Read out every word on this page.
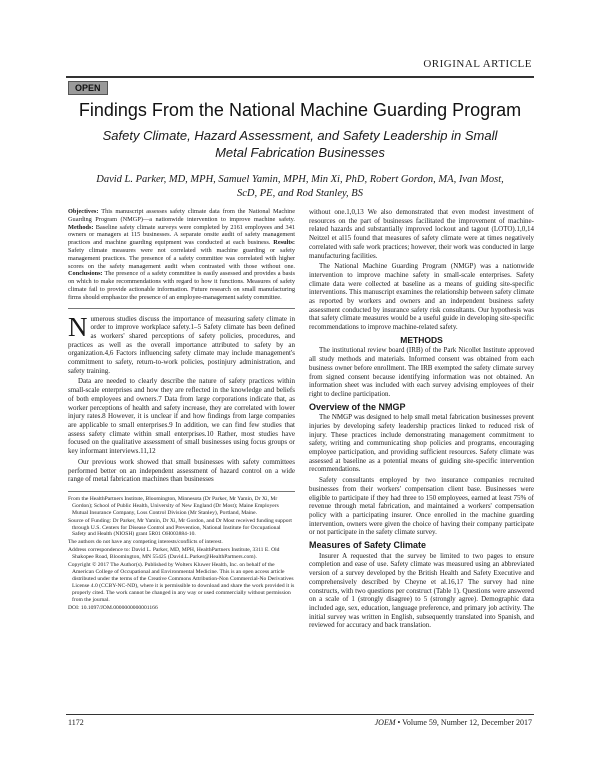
ORIGINAL ARTICLE
OPEN
Findings From the National Machine Guarding Program
Safety Climate, Hazard Assessment, and Safety Leadership in Small Metal Fabrication Businesses
David L. Parker, MD, MPH, Samuel Yamin, MPH, Min Xi, PhD, Robert Gordon, MA, Ivan Most, ScD, PE, and Rod Stanley, BS

Objectives: This manuscript assesses safety climate data from the National Machine Guarding Program (NMGP)—a nationwide intervention to improve machine safety. Methods: Baseline safety climate surveys were completed by 2161 employees and 341 owners or managers at 115 businesses. A separate onsite audit of safety management practices and machine guarding equipment was conducted at each business. Results: Safety climate measures were not correlated with machine guarding or safety management practices. The presence of a safety committee was correlated with higher scores on the safety management audit when contrasted with those without one. Conclusions: The presence of a safety committee is easily assessed and provides a basis on which to make recommendations with regard to how it functions. Measures of safety climate fail to provide actionable information. Future research on small manufacturing firms should emphasize the presence of an employee-management safety committee.

Numerous studies discuss the importance of measuring safety climate in order to improve workplace safety.1–5 Safety climate has been defined as workers' shared perceptions of safety policies, procedures, and practices as well as the overall importance attributed to safety by an organization.4,6 Factors influencing safety climate may include management's commitment to safety, return-to-work policies, postinjury administration, and safety training.

Data are needed to clearly describe the nature of safety practices within small-scale enterprises and how they are reflected in the knowledge and beliefs of both employees and owners.7 Data from large corporations indicate that, as worker perceptions of health and safety increase, they are correlated with lower injury rates.8 However, it is unclear if and how findings from large companies are applicable to small enterprises.9 In addition, we can find few studies that assess safety climate within small enterprises.10 Rather, most studies have focused on the qualitative assessment of small businesses using focus groups or key informant interviews.11,12

Our previous work showed that small businesses with safety committees performed better on an independent assessment of hazard control on a wide range of metal fabrication machines than businesses

From the HealthPartners Institute, Bloomington, Minnesota (Dr Parker, Mr Yamin, Dr Xi, Mr Gordon); School of Public Health, University of New England (Dr Most); Maine Employers Mutual Insurance Company, Loss Control Division (Mr Stanley), Portland, Maine.

Source of Funding: Dr Parker, Mr Yamin, Dr Xi, Mr Gordon, and Dr Most received funding support through U.S. Centers for Disease Control and Prevention, National Institute for Occupational Safety and Health (NIOSH) grant 5R01 OH003884-10.

The authors do not have any competing interests/conflicts of interest.

Address correspondence to: David L. Parker, MD, MPH, HealthPartners Institute, 3311 E. Old Shakopee Road, Bloomington, MN 55425 (David.L.Parker@HealthPartners.com).

Copyright © 2017 The Author(s). Published by Wolters Kluwer Health, Inc. on behalf of the American College of Occupational and Environmental Medicine. This is an open access article distributed under the terms of the Creative Commons Attribution-Non Commercial-No Derivatives License 4.0 (CCBY-NC-ND), where it is permissible to download and share the work provided it is properly cited. The work cannot be changed in any way or used commercially without permission from the journal.

DOI: 10.1097/JOM.0000000000001166

without one.1,0,13 We also demonstrated that even modest investment of resources on the part of businesses facilitated the improvement of machine-related hazards and substantially improved lockout and tagout (LOTO).1,0,14 Neitzel et al15 found that measures of safety climate were at times negatively correlated with safe work practices; however, their work was conducted in large manufacturing facilities.

The National Machine Guarding Program (NMGP) was a nationwide intervention to improve machine safety in small-scale enterprises. Safety climate data were collected at baseline as a means of guiding site-specific interventions. This manuscript examines the relationship between safety climate as reported by workers and owners and an independent business safety assessment conducted by insurance safety risk consultants. Our hypothesis was that safety climate measures would be a useful guide in developing site-specific recommendations to improve machine-related safety.

METHODS

The institutional review board (IRB) of the Park Nicollet Institute approved all study methods and materials. Informed consent was obtained from each business owner before enrollment. The IRB exempted the safety climate survey from signed consent because identifying information was not obtained. An information sheet was included with each survey advising employees of their right to decline participation.

Overview of the NMGP

The NMGP was designed to help small metal fabrication businesses prevent injuries by developing safety leadership practices linked to reduced risk of injury. These practices include demonstrating management commitment to safety, writing and communicating shop policies and programs, encouraging employee participation, and providing sufficient resources. Safety climate was assessed at baseline as a potential means of guiding site-specific intervention recommendations.

Safety consultants employed by two insurance companies recruited businesses from their workers' compensation client base. Businesses were eligible to participate if they had three to 150 employees, earned at least 75% of revenue through metal fabrication, and maintained a workers' compensation policy with a participating insurer. Once enrolled in the machine guarding intervention, owners were given the choice of having their company participate or not participate in the safety climate survey.

Measures of Safety Climate

Insurer A requested that the survey be limited to two pages to ensure completion and ease of use. Safety climate was measured using an abbreviated version of a survey developed by the British Health and Safety Executive and comprehensively described by Cheyne et al.16,17 The survey had nine constructs, with two questions per construct (Table 1). Questions were answered on a scale of 1 (strongly disagree) to 5 (strongly agree). Demographic data included age, sex, education, language preference, and primary job activity. The initial survey was written in English, subsequently translated into Spanish, and reviewed for accuracy and back translation.

1172	JOEM • Volume 59, Number 12, December 2017
